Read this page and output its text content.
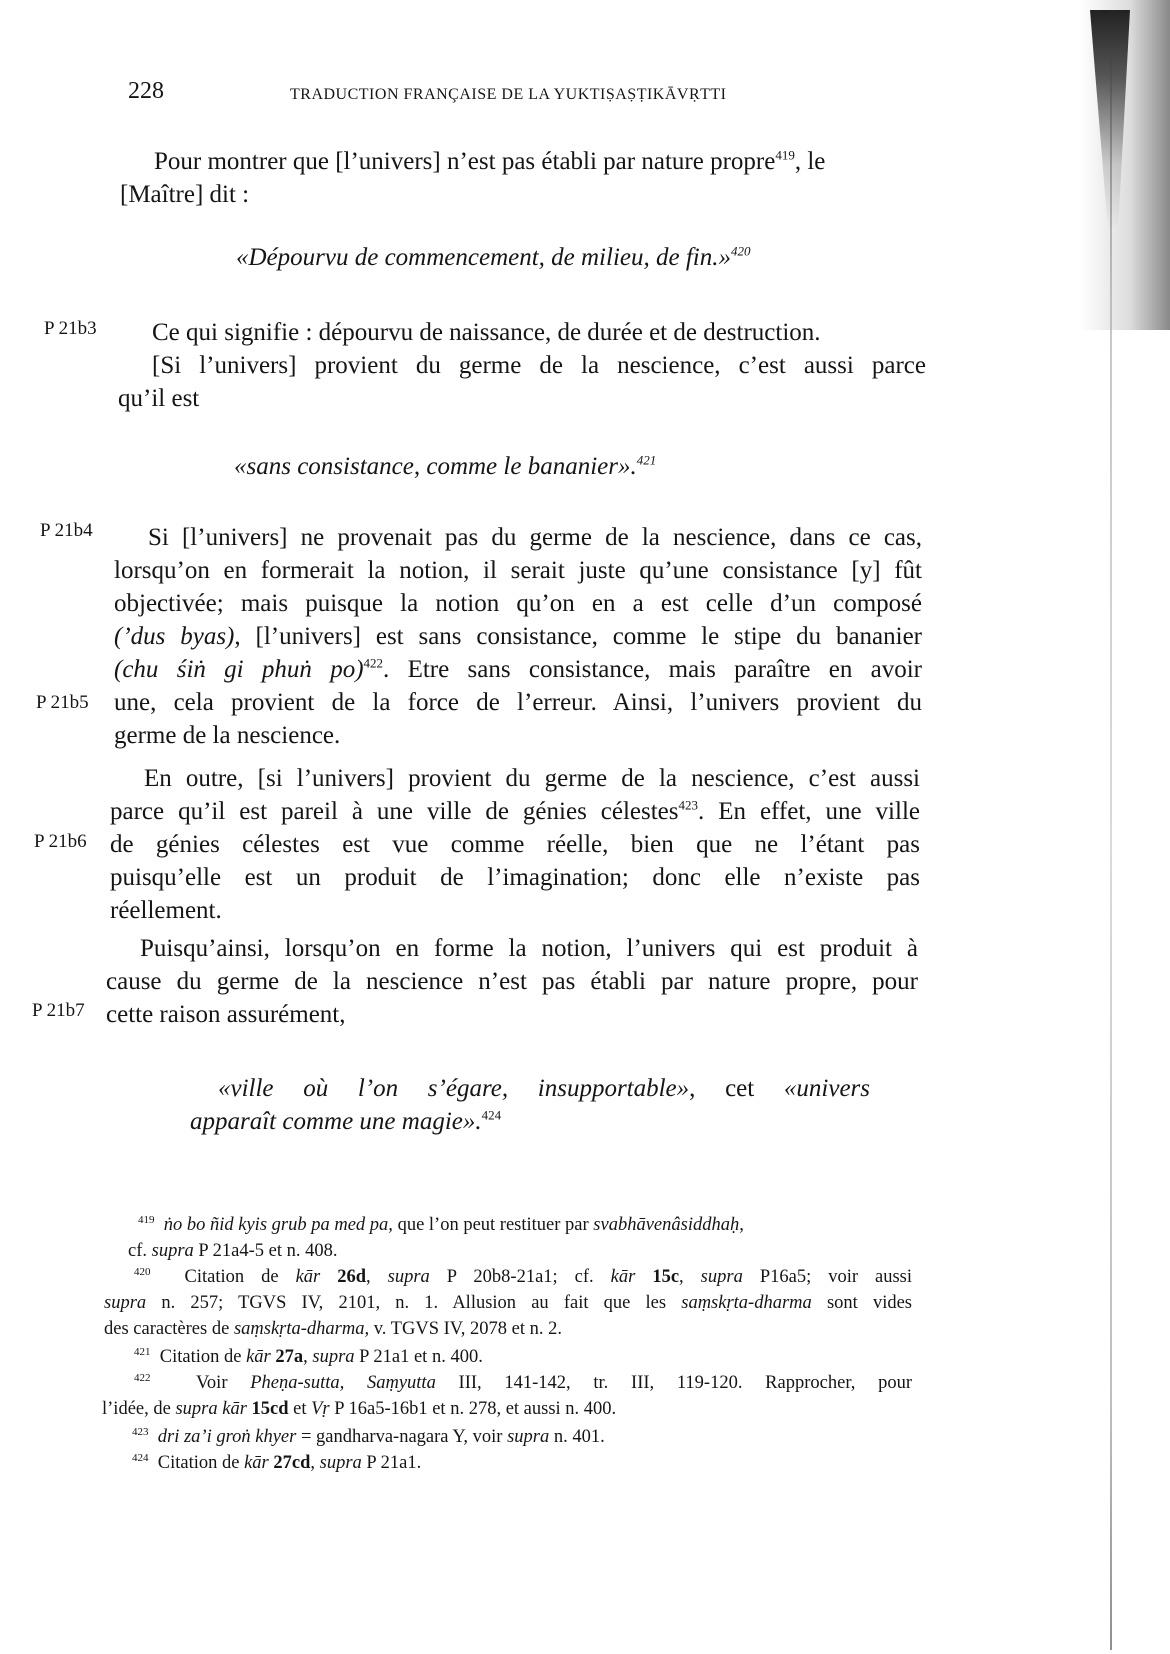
228	TRADUCTION FRANÇAISE DE LA YUKTIṢAṢṬIKĀVṚTTI
Pour montrer que [l’univers] n’est pas établi par nature propre$^{419}$, le
[Maître] dit :
«Dépourvu de commencement, de milieu, de fin.»$^{420}$
P 21b3	Ce qui signifie : dépourvu de naissance, de durée et de destruction.
[Si l’univers] provient du germe de la nescience, c’est aussi parce
qu’il est
«sans consistance, comme le bananier».$^{421}$
P 21b4
P 21b5
Si [l’univers] ne provenait pas du germe de la nescience, dans ce cas,
lorsqu’on en formerait la notion, il serait juste qu’une consistance [y] fût
objectivée; mais puisque la notion qu’on en a est celle d’un composé
(’dus byas), [l’univers] est sans consistance, comme le stipe du bananier
(chu śiṅ gi phuṅ po)$^{422}$. Etre sans consistance, mais paraître en avoir
une, cela provient de la force de l’erreur. Ainsi, l’univers provient du
germe de la nescience.
P 21b6
En outre, [si l’univers] provient du germe de la nescience, c’est aussi
parce qu’il est pareil à une ville de génies célestes$^{423}$. En effet, une ville
de génies célestes est vue comme réelle, bien que ne l’étant pas
puisqu’elle est un produit de l’imagination; donc elle n’existe pas
réellement.
P 21b7
Puisqu’ainsi, lorsqu’on en forme la notion, l’univers qui est produit à
cause du germe de la nescience n’est pas établi par nature propre, pour
cette raison assurément,
«ville où l’on s’égare, insupportable», cet «univers
apparaît comme une magie».$^{424}$
$^{419}$ ṅo bo ñid kyis grub pa med pa, que l’on peut restituer par svabhāvenâsiddhaḥ,
cf. supra P 21a4-5 et n. 408.
$^{420}$ Citation de kār 26d, supra P 20b8-21a1; cf. kār 15c, supra P16a5; voir aussi
supra n. 257; TGVS IV, 2101, n. 1. Allusion au fait que les saṃskṛta-dharma sont vides
des caractères de saṃskṛta-dharma, v. TGVS IV, 2078 et n. 2.
$^{421}$ Citation de kār 27a, supra P 21a1 et n. 400.
$^{422}$ Voir Pheṇa-sutta, Saṃyutta III, 141-142, tr. III, 119-120. Rapprocher, pour
l’idée, de supra kār 15cd et Vṛ P 16a5-16b1 et n. 278, et aussi n. 400.
$^{423}$ dri za’i groṅ khyer = gandharva-nagara Y, voir supra n. 401.
$^{424}$ Citation de kār 27cd, supra P 21a1.
